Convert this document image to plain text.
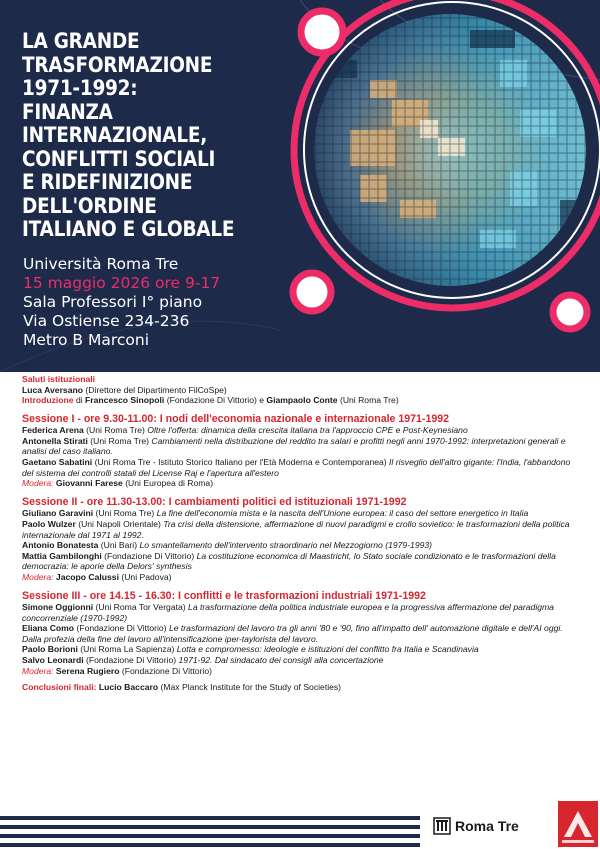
LA GRANDE
TRASFORMAZIONE
1971-1992:
FINANZA
INTERNAZIONALE,
CONFLITTI SOCIALI
E RIDEFINIZIONE
DELL'ORDINE
ITALIANO E GLOBALE
Università Roma Tre
15 maggio 2026 ore 9-17
Sala Professori I° piano
Via Ostiense 234-236
Metro B Marconi

Saluti istituzionali

Luca Aversano (Direttore del Dipartimento FilCoSpe)

Introduzione di Francesco Sinopoli (Fondazione Di Vittorio) e Giampaolo Conte (Uni Roma Tre)

Sessione I - ore 9.30-11.00: I nodi dell'economia nazionale e internazionale 1971-1992

Federica Arena (Uni Roma Tre) Oltre l'offerta: dinamica della crescita italiana tra l'approccio CPE e Post-Keynesiano

Antonella Stirati (Uni Roma Tre) Cambiamenti nella distribuzione del reddito tra salari e profitti negli anni 1970-1992: interpretazioni generali e analisi del caso italiano.

Gaetano Sabatini (Uni Roma Tre - Istituto Storico Italiano per l'Età Moderna e Contemporanea) Il risveglio dell'altro gigante: l'India, l'abbandono del sistema dei controlli statali del License Raj e l'apertura all'estero

Modera: Giovanni Farese (Uni Europea di Roma)

Sessione II - ore 11.30-13.00: I cambiamenti politici ed istituzionali 1971-1992

Giuliano Garavini (Uni Roma Tre) La fine dell'economia mista e la nascita dell'Unione europea: il caso del settore energetico in Italia

Paolo Wulzer (Uni Napoli Orientale) Tra crisi della distensione, affermazione di nuovi paradigmi e crollo sovietico: le trasformazioni della politica internazionale dal 1971 al 1992.

Antonio Bonatesta (Uni Bari) Lo smantellamento dell'intervento straordinario nel Mezzogiorno (1979-1993)

Mattia Gambilonghi (Fondazione Di Vittorio) La costituzione economica di Maastricht, lo Stato sociale condizionato e le trasformazioni della democrazia: le aporie della Delors' synthesis

Modera: Jacopo Calussi (Uni Padova)

Sessione III - ore 14.15 - 16.30: I conflitti e le trasformazioni industriali 1971-1992

Simone Oggionni (Uni Roma Tor Vergata) La trasformazione della politica industriale europea e la progressiva affermazione del paradigma concorrenziale (1970-1992)

Eliana Como (Fondazione Di Vittorio) Le trasformazioni del lavoro tra gli anni '80 e '90, fino all'impatto dell' automazione digitale e dell'AI oggi. Dalla profezia della fine del lavoro all'intensificazione iper-taylorista del lavoro.

Paolo Borioni (Uni Roma La Sapienza) Lotta e compromesso: ideologie e istituzioni del conflitto fra Italia e Scandinavia

Salvo Leonardi (Fondazione Di Vittorio) 1971-92. Dal sindacato dei consigli alla concertazione

Modera: Serena Rugiero (Fondazione Di Vittorio)

Conclusioni finali: Lucio Baccaro (Max Planck Institute for the Study of Societies)

Roma Tre
